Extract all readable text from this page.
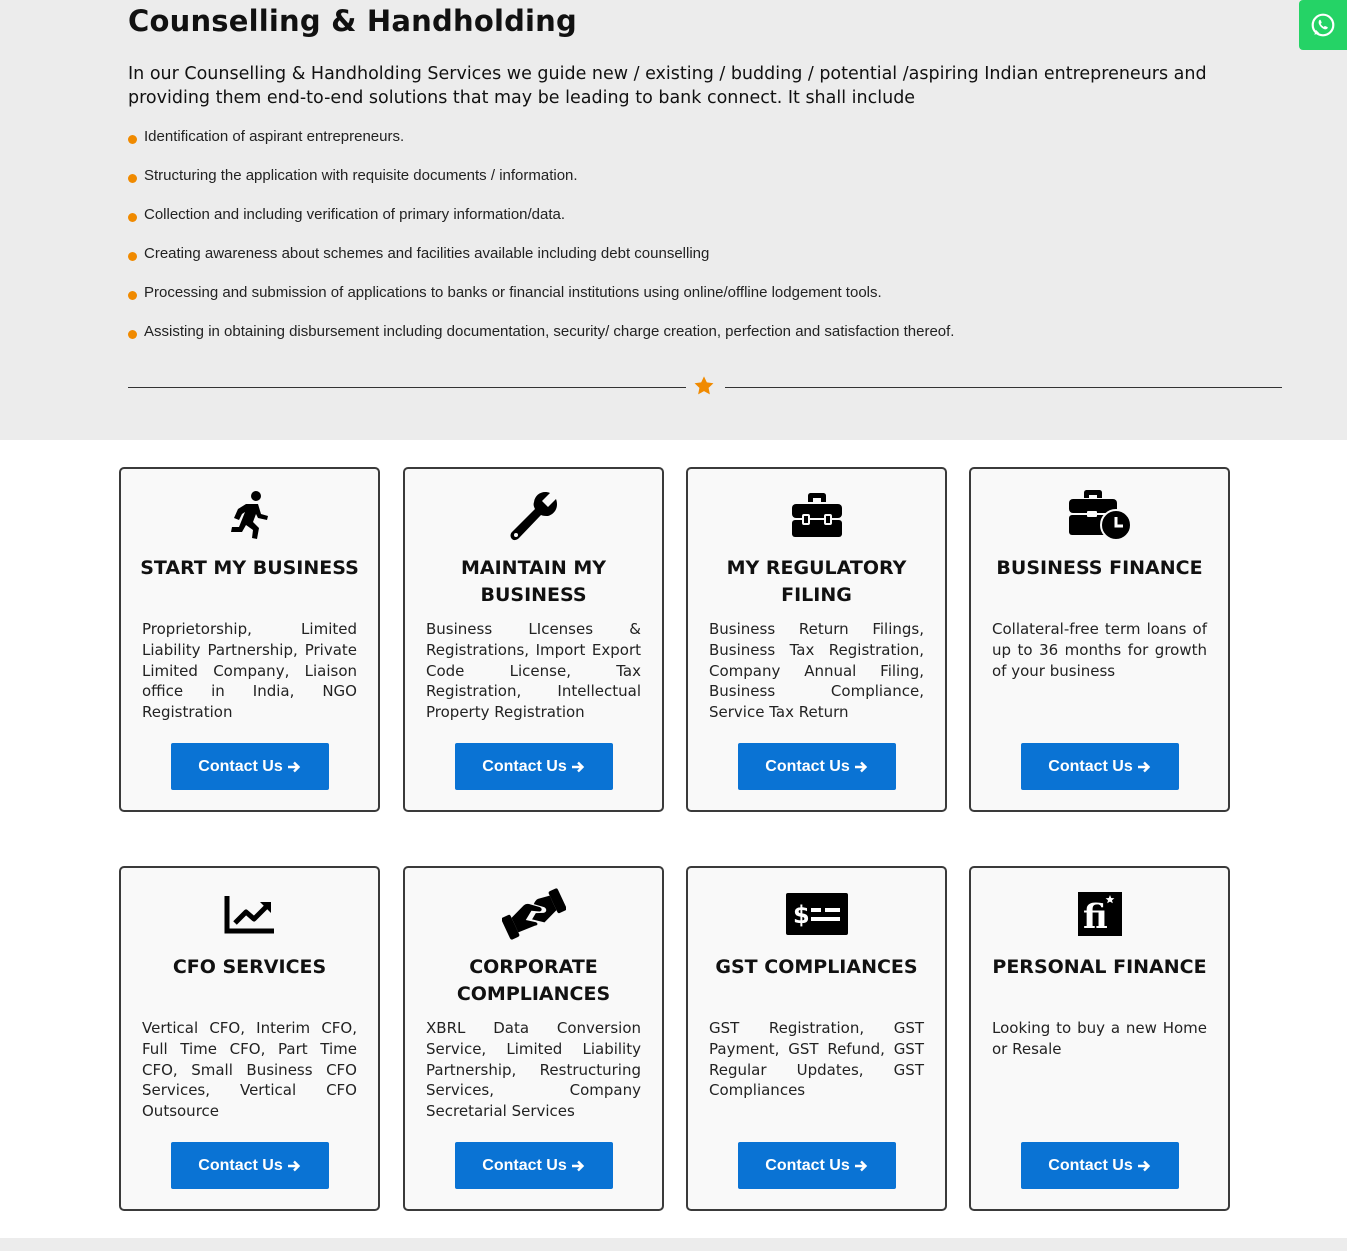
Counselling & Handholding

In our Counselling & Handholding Services we guide new / existing / budding / potential /aspiring Indian entrepreneurs and providing them end-to-end solutions that may be leading to bank connect. It shall include

Identification of aspirant entrepreneurs.
Structuring the application with requisite documents / information.
Collection and including verification of primary information/data.
Creating awareness about schemes and facilities available including debt counselling
Processing and submission of applications to banks or financial institutions using online/offline lodgement tools.
Assisting in obtaining disbursement including documentation, security/ charge creation, perfection and satisfaction thereof.
START MY BUSINESS
Proprietorship, Limited Liability Partnership, Private Limited Company, Liaison office in India, NGO Registration
Contact Us
MAINTAIN MY BUSINESS
Business LIcenses & Registrations, Import Export Code License, Tax Registration, Intellectual Property Registration
Contact Us
MY REGULATORY FILING
Business Return Filings, Business Tax Registration, Company Annual Filing, Business Compliance, Service Tax Return
Contact Us
BUSINESS FINANCE
Collateral-free term loans of up to 36 months for growth of your business
Contact Us
CFO SERVICES
Vertical CFO, Interim CFO, Full Time CFO, Part Time CFO, Small Business CFO Services, Vertical CFO Outsource
Contact Us
CORPORATE COMPLIANCES
XBRL Data Conversion Service, Limited Liability Partnership, Restructuring Services, Company Secretarial Services
Contact Us
$
GST COMPLIANCES
GST Registration, GST Payment, GST Refund, GST Regular Updates, GST Compliances
Contact Us
fi
PERSONAL FINANCE
Looking to buy a new Home or Resale
Contact Us
